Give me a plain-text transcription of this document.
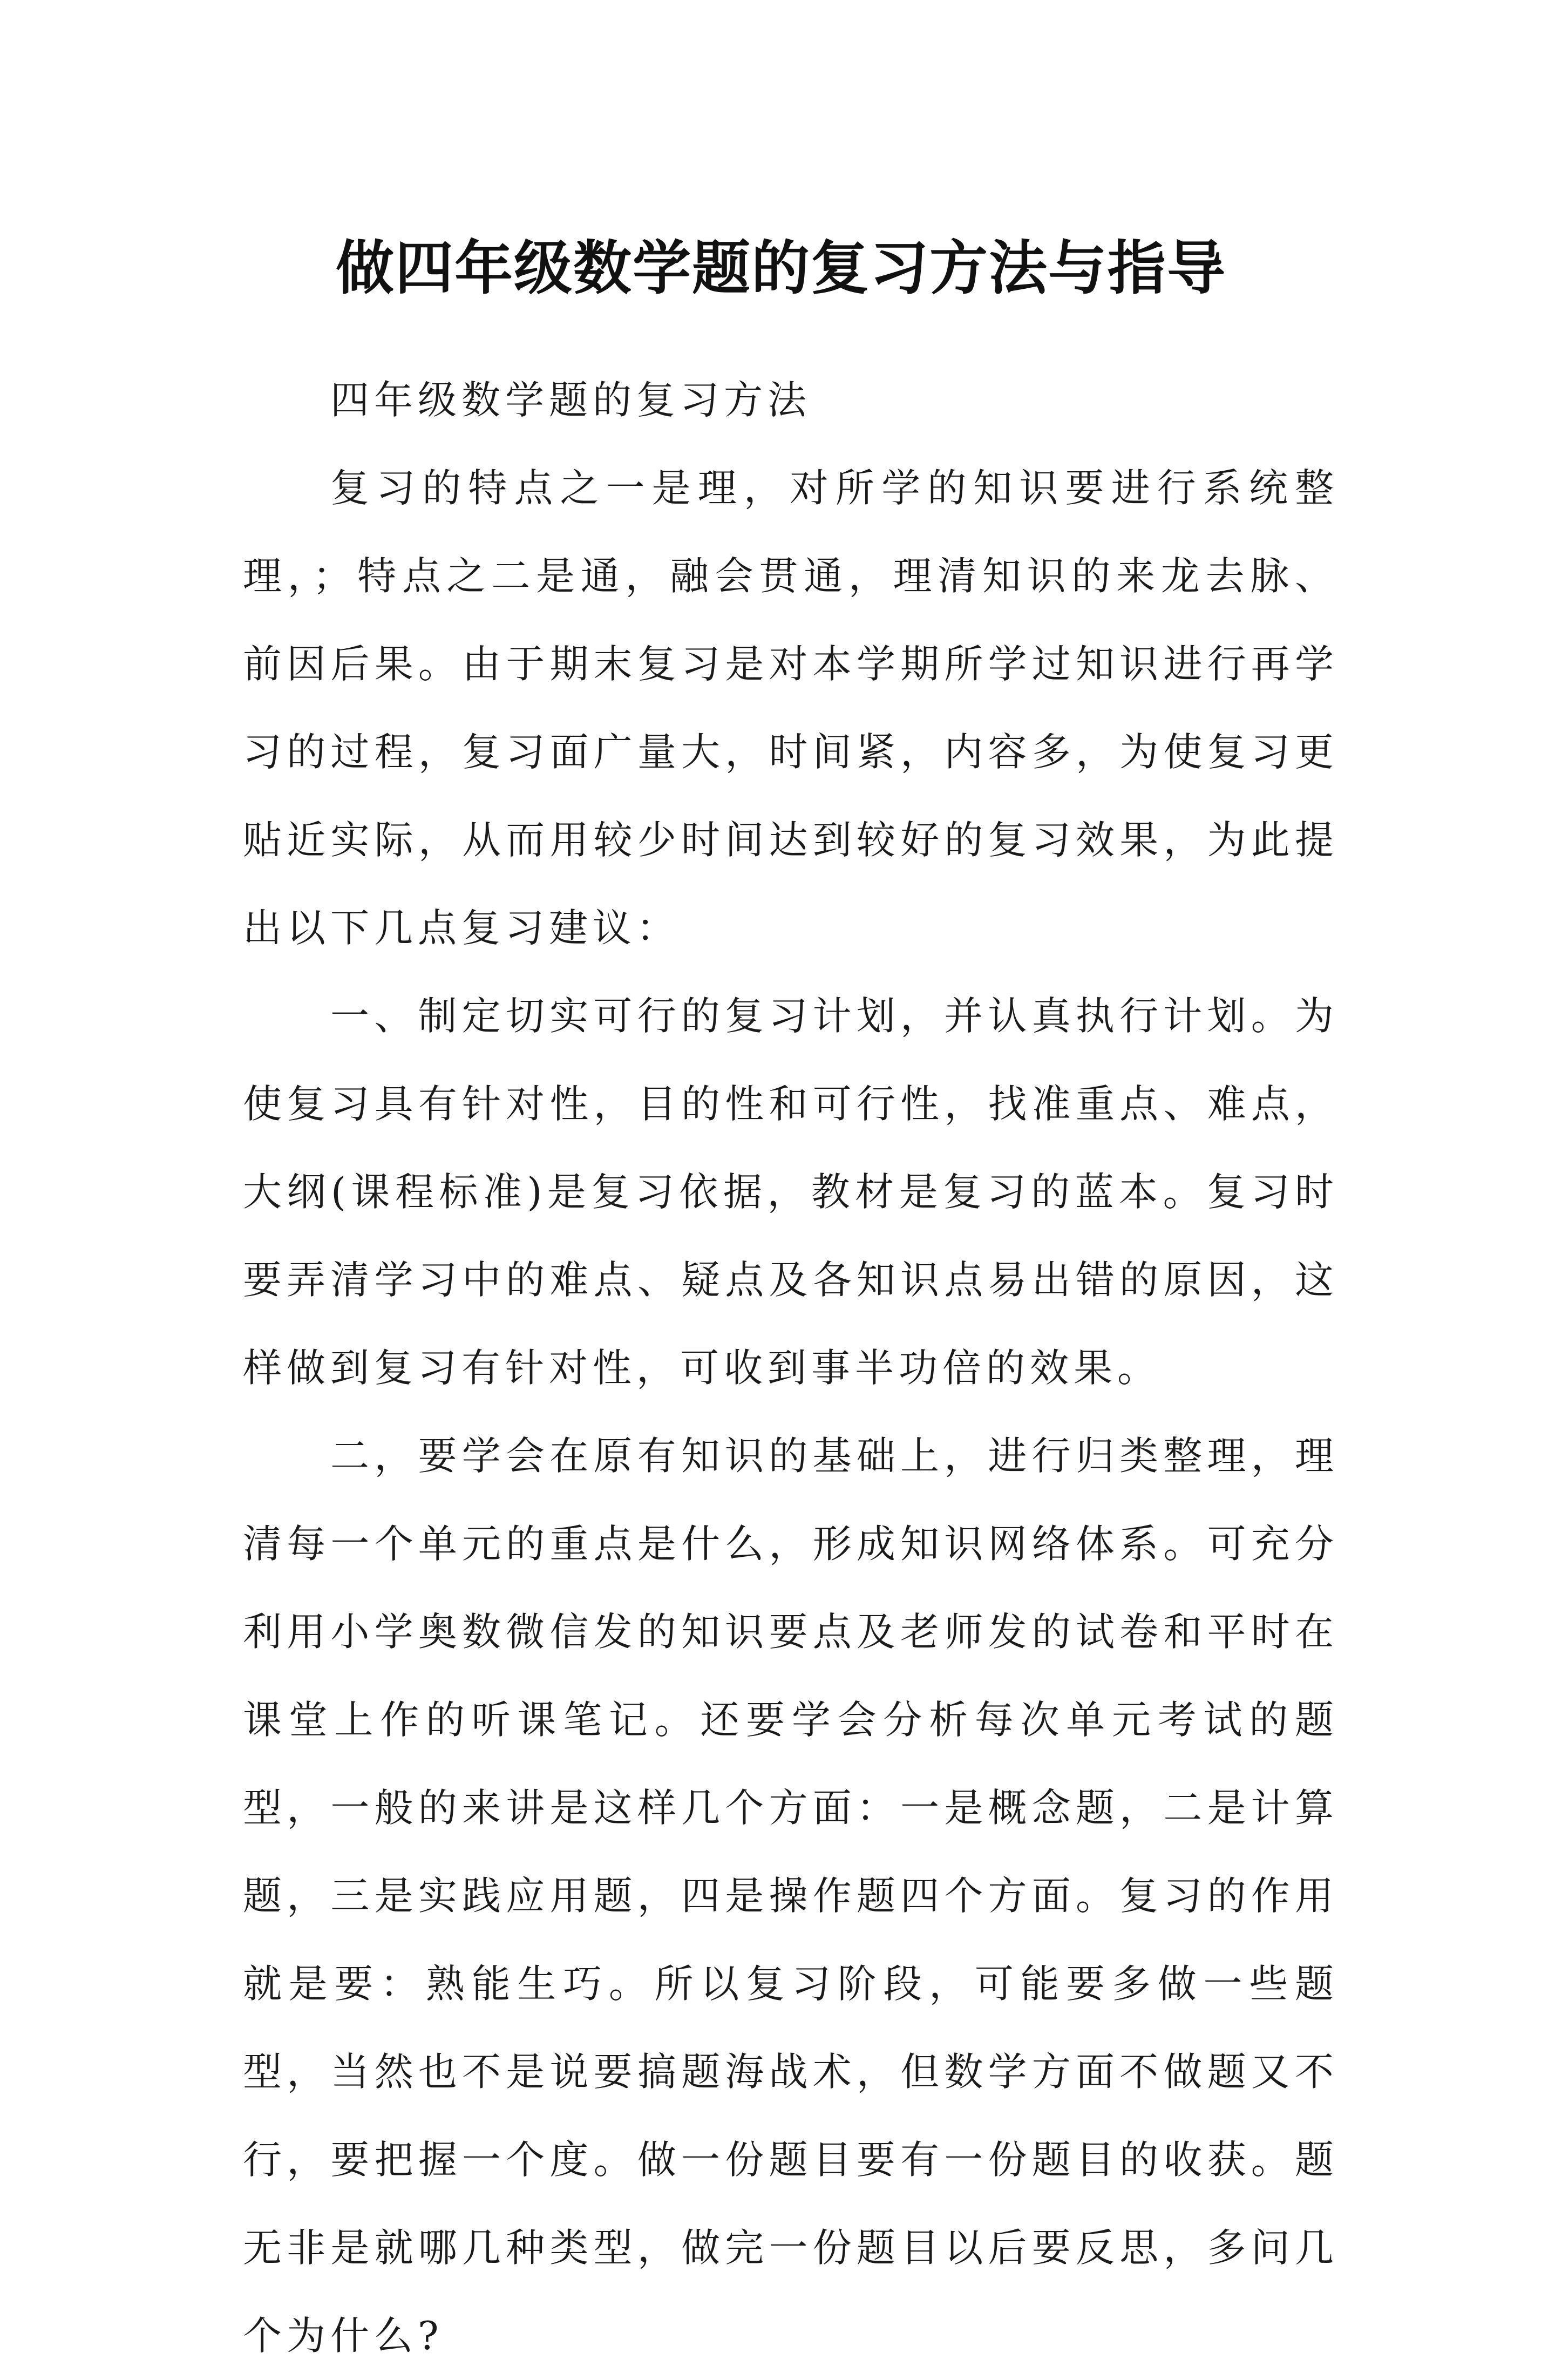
做四年级数学题的复习方法与指导

四年级数学题的复习方法

复习的特点之一是理，对所学的知识要进行系统整理，；特点之二是通，融会贯通，理清知识的来龙去脉、前因后果。由于期末复习是对本学期所学过知识进行再学习的过程，复习面广量大，时间紧，内容多，为使复习更贴近实际，从而用较少时间达到较好的复习效果，为此提出以下几点复习建议：

一、制定切实可行的复习计划，并认真执行计划。为使复习具有针对性，目的性和可行性，找准重点、难点，大纲(课程标准)是复习依据，教材是复习的蓝本。复习时要弄清学习中的难点、疑点及各知识点易出错的原因，这样做到复习有针对性，可收到事半功倍的效果。

二，要学会在原有知识的基础上，进行归类整理，理清每一个单元的重点是什么，形成知识网络体系。可充分利用小学奥数微信发的知识要点及老师发的试卷和平时在课堂上作的听课笔记。还要学会分析每次单元考试的题型，一般的来讲是这样几个方面：一是概念题，二是计算题，三是实践应用题，四是操作题四个方面。复习的作用就是要：熟能生巧。所以复习阶段，可能要多做一些题型，当然也不是说要搞题海战术，但数学方面不做题又不行，要把握一个度。做一份题目要有一份题目的收获。题无非是就哪几种类型，做完一份题目以后要反思，多问几个为什么?
